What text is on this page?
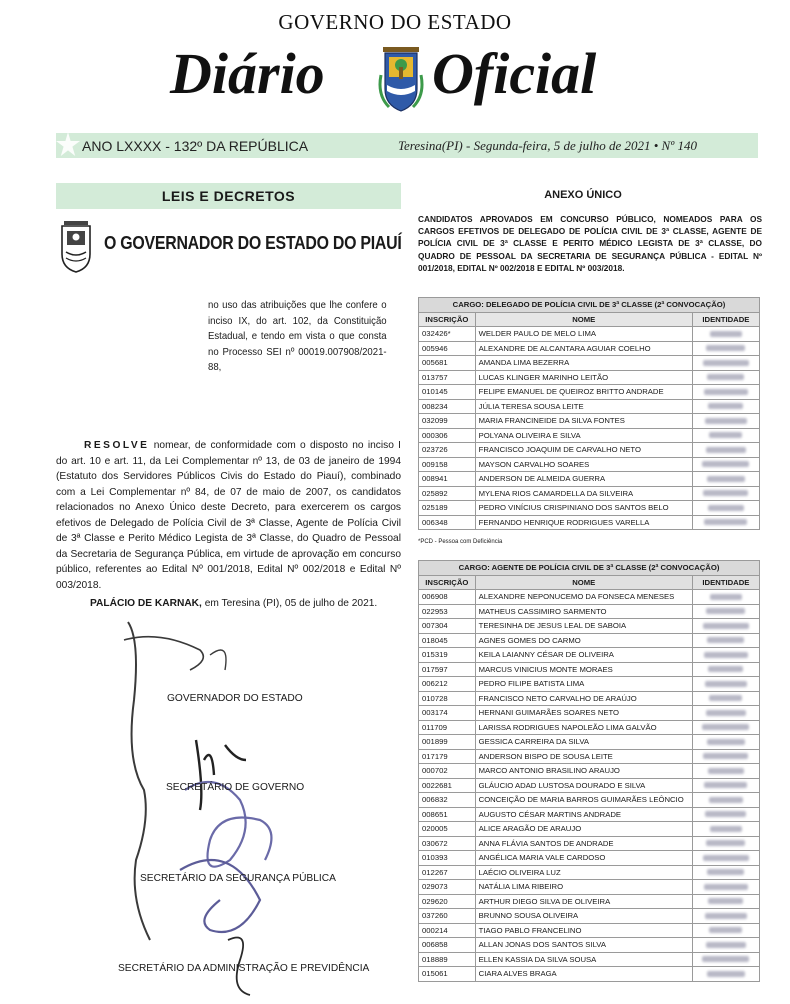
GOVERNO DO ESTADO
Diário Oficial
ANO LXXXX - 132º DA REPÚBLICA	Teresina(PI) - Segunda-feira, 5 de julho de 2021 • Nº 140
LEIS E DECRETOS
O GOVERNADOR DO ESTADO DO PIAUÍ
no uso das atribuições que lhe confere o inciso IX, do art. 102, da Constituição Estadual, e tendo em vista o que consta no Processo SEI nº 00019.007908/2021-88,
RESOLVE nomear, de conformidade com o disposto no inciso I do art. 10 e art. 11, da Lei Complementar nº 13, de 03 de janeiro de 1994 (Estatuto dos Servidores Públicos Civis do Estado do Piauí), combinado com a Lei Complementar nº 84, de 07 de maio de 2007, os candidatos relacionados no Anexo Único deste Decreto, para exercerem os cargos efetivos de Delegado de Polícia Civil de 3ª Classe, Agente de Polícia Civil de 3ª Classe e Perito Médico Legista de 3ª Classe, do Quadro de Pessoal da Secretaria de Segurança Pública, em virtude de aprovação em concurso público, referentes ao Edital Nº 001/2018, Edital Nº 002/2018 e Edital Nº 003/2018.
PALÁCIO DE KARNAK, em Teresina (PI), 05 de julho de 2021.
GOVERNADOR DO ESTADO
SECRETÁRIO DE GOVERNO
SECRETÁRIO DA SEGURANÇA PÚBLICA
SECRETÁRIO DA ADMINISTRAÇÃO E PREVIDÊNCIA
ANEXO ÚNICO
CANDIDATOS APROVADOS EM CONCURSO PÚBLICO, NOMEADOS PARA OS CARGOS EFETIVOS DE DELEGADO DE POLÍCIA CIVIL DE 3ª CLASSE, AGENTE DE POLÍCIA CIVIL DE 3ª CLASSE E PERITO MÉDICO LEGISTA DE 3ª CLASSE, DO QUADRO DE PESSOAL DA SECRETARIA DE SEGURANÇA PÚBLICA - EDITAL Nº 001/2018, EDITAL Nº 002/2018 E EDITAL Nº 003/2018.
CARGO: DELEGADO DE POLÍCIA CIVIL DE 3ª CLASSE (2ª CONVOCAÇÃO)		
INSCRIÇÃO	NOME	IDENTIDADE
032426*	WELDER PAULO DE MELO LIMA	
005946	ALEXANDRE DE ALCANTARA AGUIAR COELHO	
005681	AMANDA LIMA BEZERRA	
013757	LUCAS KLINGER MARINHO LEITÃO	
010145	FELIPE EMANUEL DE QUEIROZ BRITTO ANDRADE	
008234	JÚLIA TERESA SOUSA LEITE	
032099	MARIA FRANCINEIDE DA SILVA FONTES	
000306	POLYANA OLIVEIRA E SILVA	
023726	FRANCISCO JOAQUIM DE CARVALHO NETO	
009158	MAYSON CARVALHO SOARES	
008941	ANDERSON DE ALMEIDA GUERRA	
025892	MYLENA RIOS CAMARDELLA DA SILVEIRA	
025189	PEDRO VINÍCIUS CRISPINIANO DOS SANTOS BELO	
006348	FERNANDO HENRIQUE RODRIGUES VARELLA	
*PCD - Pessoa com Deficiência
CARGO: AGENTE DE POLÍCIA CIVIL DE 3ª CLASSE (2ª CONVOCAÇÃO)		
INSCRIÇÃO	NOME	IDENTIDADE
006908	ALEXANDRE NEPONUCEMO DA FONSECA MENESES	
022953	MATHEUS CASSIMIRO SARMENTO	
007304	TERESINHA DE JESUS LEAL DE SABOIA	
018045	AGNES GOMES DO CARMO	
015319	KEILA LAIANNY CÉSAR DE OLIVEIRA	
017597	MARCUS VINICIUS MONTE MORAES	
006212	PEDRO FILIPE BATISTA LIMA	
010728	FRANCISCO NETO CARVALHO DE ARAÚJO	
003174	HERNANI GUIMARÃES SOARES NETO	
011709	LARISSA RODRIGUES NAPOLEÃO LIMA GALVÃO	
001899	GESSICA CARREIRA DA SILVA	
017179	ANDERSON BISPO DE SOUSA LEITE	
000702	MARCO ANTONIO BRASILINO ARAUJO	
0022681	GLÁUCIO ADAD LUSTOSA DOURADO E SILVA	
006832	CONCEIÇÃO DE MARIA BARROS GUIMARÃES LEÔNCIO	
008651	AUGUSTO CÉSAR MARTINS ANDRADE	
020005	ALICE ARAGÃO DE ARAUJO	
030672	ANNA FLÁVIA SANTOS DE ANDRADE	
010393	ANGÉLICA MARIA VALE CARDOSO	
012267	LAÉCIO OLIVEIRA LUZ	
029073	NATÁLIA LIMA RIBEIRO	
029620	ARTHUR DIEGO SILVA DE OLIVEIRA	
037260	BRUNNO SOUSA OLIVEIRA	
000214	TIAGO PABLO FRANCELINO	
006858	ALLAN JONAS DOS SANTOS SILVA	
018889	ELLEN KASSIA DA SILVA SOUSA	
015061	CIARA ALVES BRAGA	
